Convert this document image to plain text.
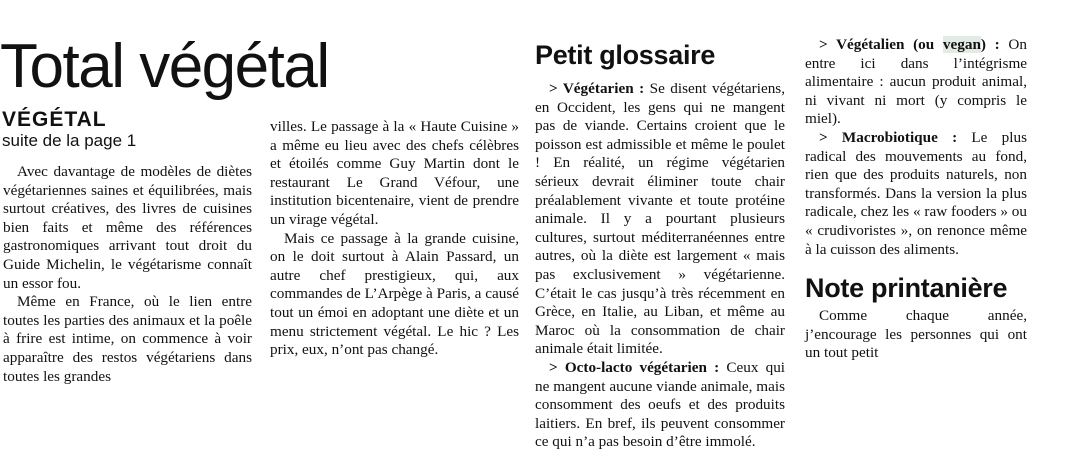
Total végétal
VÉGÉTAL
suite de la page 1

Avec davantage de modèles de diètes végétariennes saines et équilibrées, mais surtout créatives, des livres de cuisines bien faits et même des références gastronomiques arrivant tout droit du Guide Michelin, le végétarisme connaît un essor fou.

Même en France, où le lien entre toutes les parties des animaux et la poêle à frire est intime, on commence à voir apparaître des restos végétariens dans toutes les grandes

villes. Le passage à la « Haute Cuisine » a même eu lieu avec des chefs célèbres et étoilés comme Guy Martin dont le restaurant Le Grand Véfour, une institution bicentenaire, vient de prendre un virage végétal.

Mais ce passage à la grande cuisine, on le doit surtout à Alain Passard, un autre chef prestigieux, qui, aux commandes de L’Arpège à Paris, a causé tout un émoi en adoptant une diète et un menu strictement végétal. Le hic ? Les prix, eux, n’ont pas changé.

Petit glossaire

> Végétarien : Se disent végétariens, en Occident, les gens qui ne mangent pas de viande. Certains croient que le poisson est admissible et même le poulet ! En réalité, un régime végétarien sérieux devrait éliminer toute chair préalablement vivante et toute protéine animale. Il y a pourtant plusieurs cultures, surtout méditerranéennes entre autres, où la diète est largement « mais pas exclusivement » végétarienne. C’était le cas jusqu’à très récemment en Grèce, en Italie, au Liban, et même au Maroc où la consommation de chair animale était limitée.

> Octo-lacto végétarien : Ceux qui ne mangent aucune viande animale, mais consomment des oeufs et des produits laitiers. En bref, ils peuvent consommer ce qui n’a pas besoin d’être immolé.

> Végétalien (ou vegan) : On entre ici dans l’intégrisme alimentaire : aucun produit animal, ni vivant ni mort (y compris le miel).

> Macrobiotique : Le plus radical des mouvements au fond, rien que des produits naturels, non transformés. Dans la version la plus radicale, chez les « raw fooders » ou « crudivoristes », on renonce même à la cuisson des aliments.

Note printanière

Comme chaque année, j’encourage les personnes qui ont un tout petit
